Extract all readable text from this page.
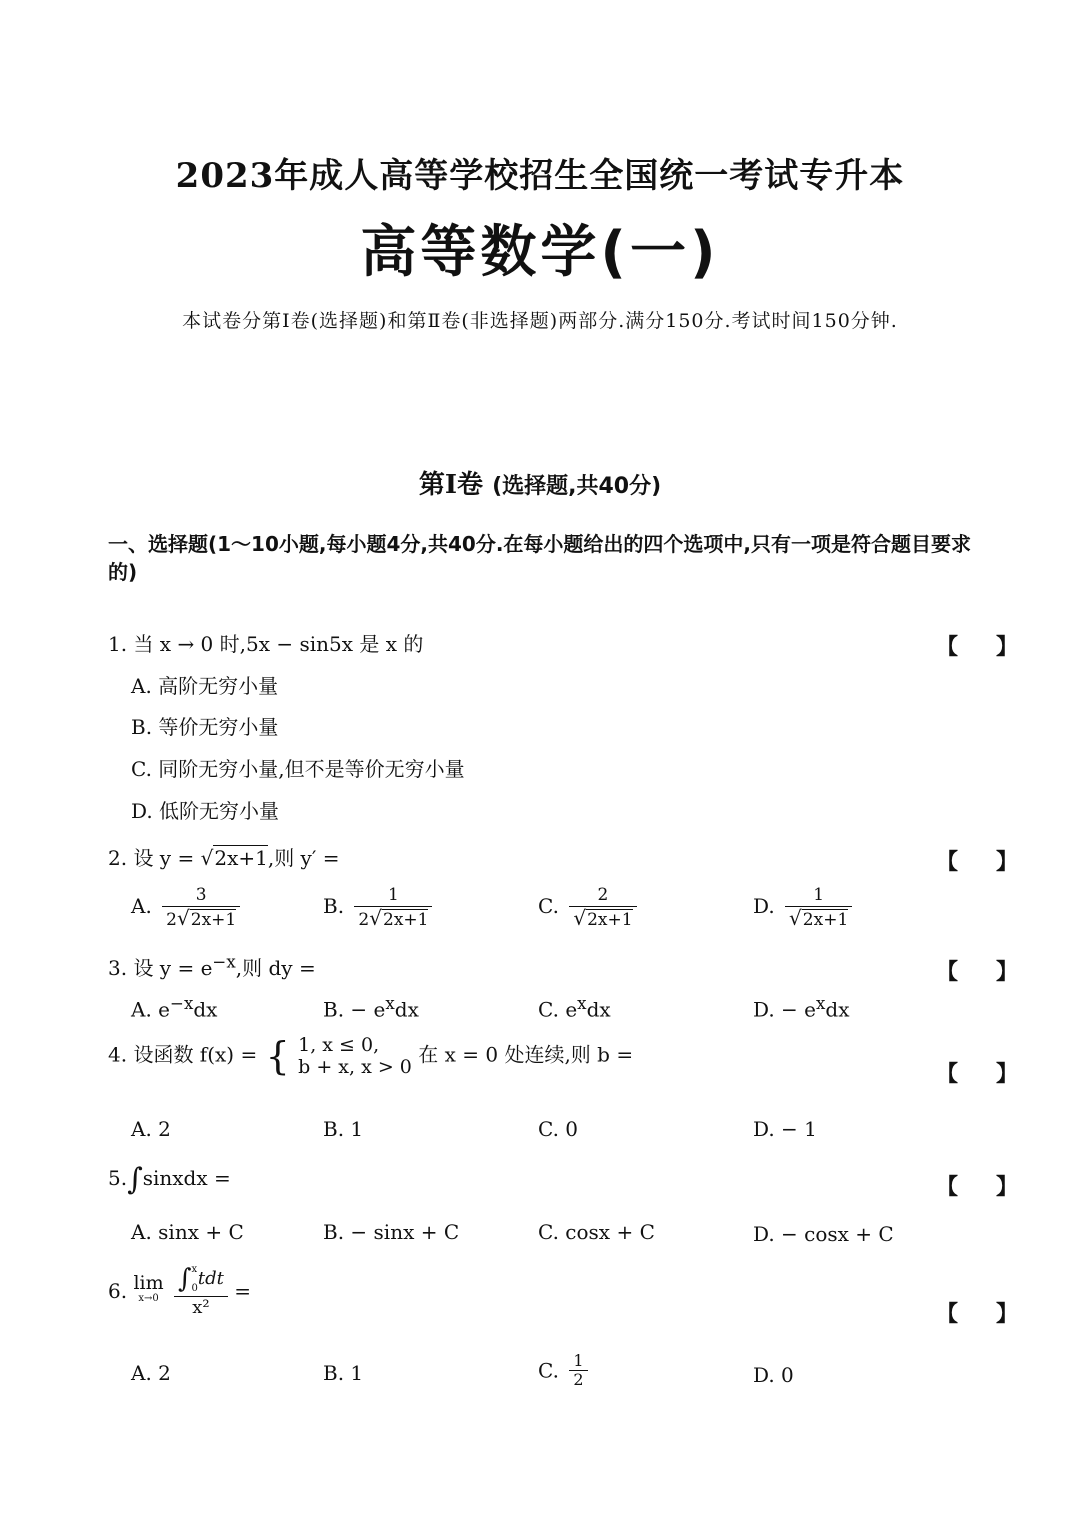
2023年成人高等学校招生全国统一考试专升本
高等数学(一)
本试卷分第Ⅰ卷(选择题)和第Ⅱ卷(非选择题)两部分.满分150分.考试时间150分钟.
第Ⅰ卷 (选择题,共40分)
一、选择题(1～10小题,每小题4分,共40分.在每小题给出的四个选项中,只有一项是符合题目要求的)
1. 当 x → 0 时,5x − sin5x 是 x 的	【 】
A. 高阶无穷小量
B. 等价无穷小量
C. 同阶无穷小量,但不是等价无穷小量
D. 低阶无穷小量
2. 设 y = √2x+1,则 y′ =	【 】
A. $\frac{3}{2√2x+1}$	B. $\frac{1}{2√2x+1}$	C. $\frac{2}{√2x+1}$	D. $\frac{1}{√2x+1}$
3. 设 $y = e^{-x}$,则 dy =	【 】
A. $e^{-x}dx$	B. − $e^xdx$	C. $e^xdx$	D. − $e^xdx$
4. 设函数 f(x) = { 1, x ≤ 0,
b + x, x > 0
在 x = 0 处连续,则 b =
【 】
A. 2	B. 1	C. 0	D. − 1
5.∫sinxdx =	【 】
A. sinx + C	B. − sinx + C	C. cosx + C	D. − cosx + C
6. lim
x→0
∫ x
0 tdt
x² =
【 】
A. 2	B. 1	C. $\frac{1}{2}$	D. 0
